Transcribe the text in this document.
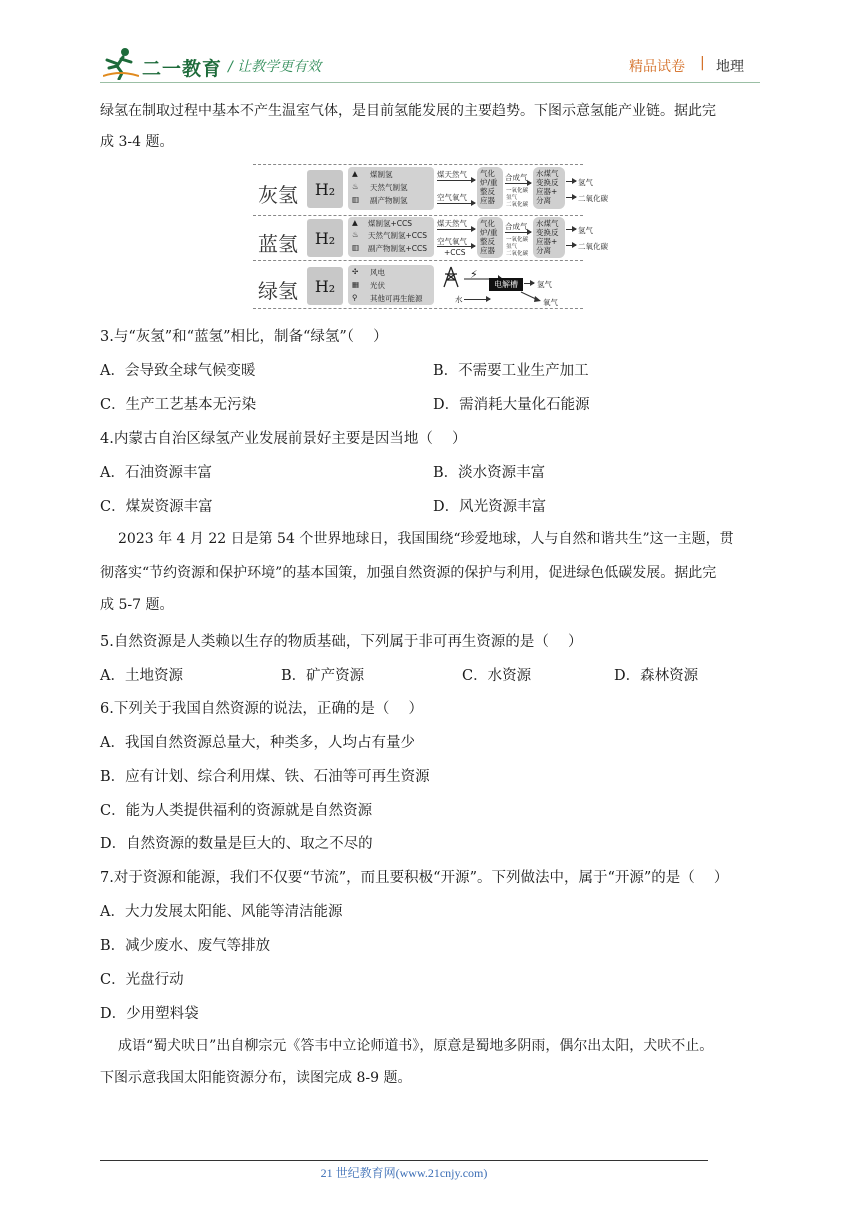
二一教育 / 让教学更有效	精品试卷 | 地理
绿氢在制取过程中基本不产生温室气体，是目前氢能发展的主要趋势。下图示意氢能产业链。据此完
成 3-4 题。
灰氢	H₂
▲ 煤制氢
♨ 天然气制氢
▥ 副产物制氢
煤天然气
空气氧气
气化
炉/重
整反
应器
合成气
一氧化碳
氢气
二氧化碳
水煤气
变换反
应器+
分离
氢气
二氧化碳
蓝氢	H₂
▲ 煤制氢+CCS
♨ 天然气制氢+CCS
▥ 副产物制氢+CCS
煤天然气
空气氧气
+CCS
气化
炉/重
整反
应器
合成气
一氧化碳
氢气
二氧化碳
水煤气
变换反
应器+
分离
氢气
二氧化碳
绿氢	H₂
✣ 风电
▦ 光伏
⚲ 其他可再生能源
⚡
电解槽
水
氢气
氧气
3.与“灰氢”和“蓝氢”相比，制备“绿氢”（　 ）
A．会导致全球气候变暖	B．不需要工业生产加工
C．生产工艺基本无污染	D．需消耗大量化石能源
4.内蒙古自治区绿氢产业发展前景好主要是因当地（　 ）
A．石油资源丰富	B．淡水资源丰富
C．煤炭资源丰富	D．风光资源丰富
2023 年 4 月 22 日是第 54 个世界地球日，我国围绕“珍爱地球，人与自然和谐共生”这一主题，贯
彻落实“节约资源和保护环境”的基本国策，加强自然资源的保护与利用，促进绿色低碳发展。据此完
成 5-7 题。
5.自然资源是人类赖以生存的物质基础，下列属于非可再生资源的是（　 ）
A．土地资源	B．矿产资源	C．水资源	D．森林资源
6.下列关于我国自然资源的说法，正确的是（　 ）
A．我国自然资源总量大，种类多，人均占有量少
B．应有计划、综合利用煤、铁、石油等可再生资源
C．能为人类提供福利的资源就是自然资源
D．自然资源的数量是巨大的、取之不尽的
7.对于资源和能源，我们不仅要“节流”，而且要积极“开源”。下列做法中，属于“开源”的是（　 ）
A．大力发展太阳能、风能等清洁能源
B．减少废水、废气等排放
C．光盘行动
D．少用塑料袋
成语“蜀犬吠日”出自柳宗元《答韦中立论师道书》，原意是蜀地多阴雨，偶尔出太阳，犬吠不止。
下图示意我国太阳能资源分布，读图完成 8-9 题。
21 世纪教育网(www.21cnjy.com)
